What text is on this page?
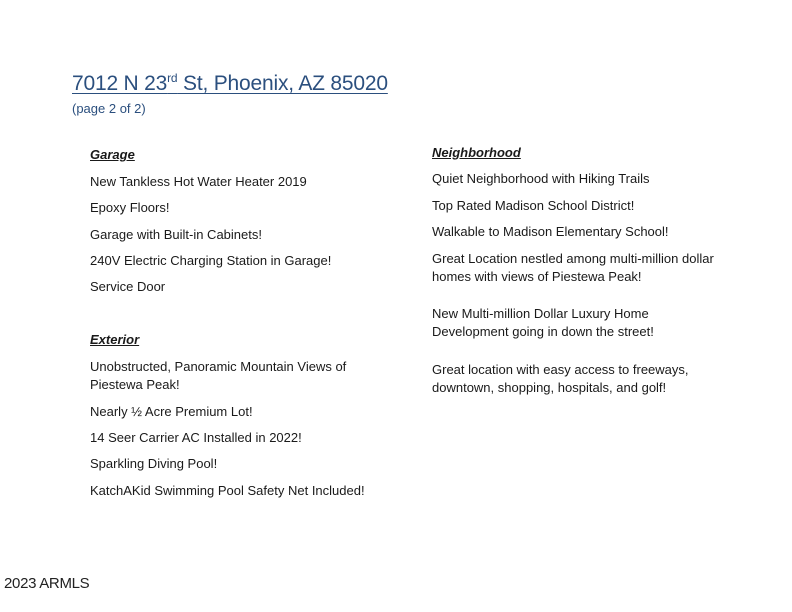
7012 N 23rd St, Phoenix, AZ 85020
(page 2 of 2)
Garage
New Tankless Hot Water Heater 2019
Epoxy Floors!
Garage with Built-in Cabinets!
240V Electric Charging Station in Garage!
Service Door
Exterior
Unobstructed, Panoramic Mountain Views of
Piestewa Peak!
Nearly ½ Acre Premium Lot!
14 Seer Carrier AC Installed in 2022!
Sparkling Diving Pool!
KatchAKid Swimming Pool Safety Net Included!
Neighborhood
Quiet Neighborhood with Hiking Trails
Top Rated Madison School District!
Walkable to Madison Elementary School!
Great Location nestled among multi-million dollar
homes with views of Piestewa Peak!
New Multi-million Dollar Luxury Home
Development going in down the street!
Great location with easy access to freeways,
downtown, shopping, hospitals, and golf!
2023 ARMLS
